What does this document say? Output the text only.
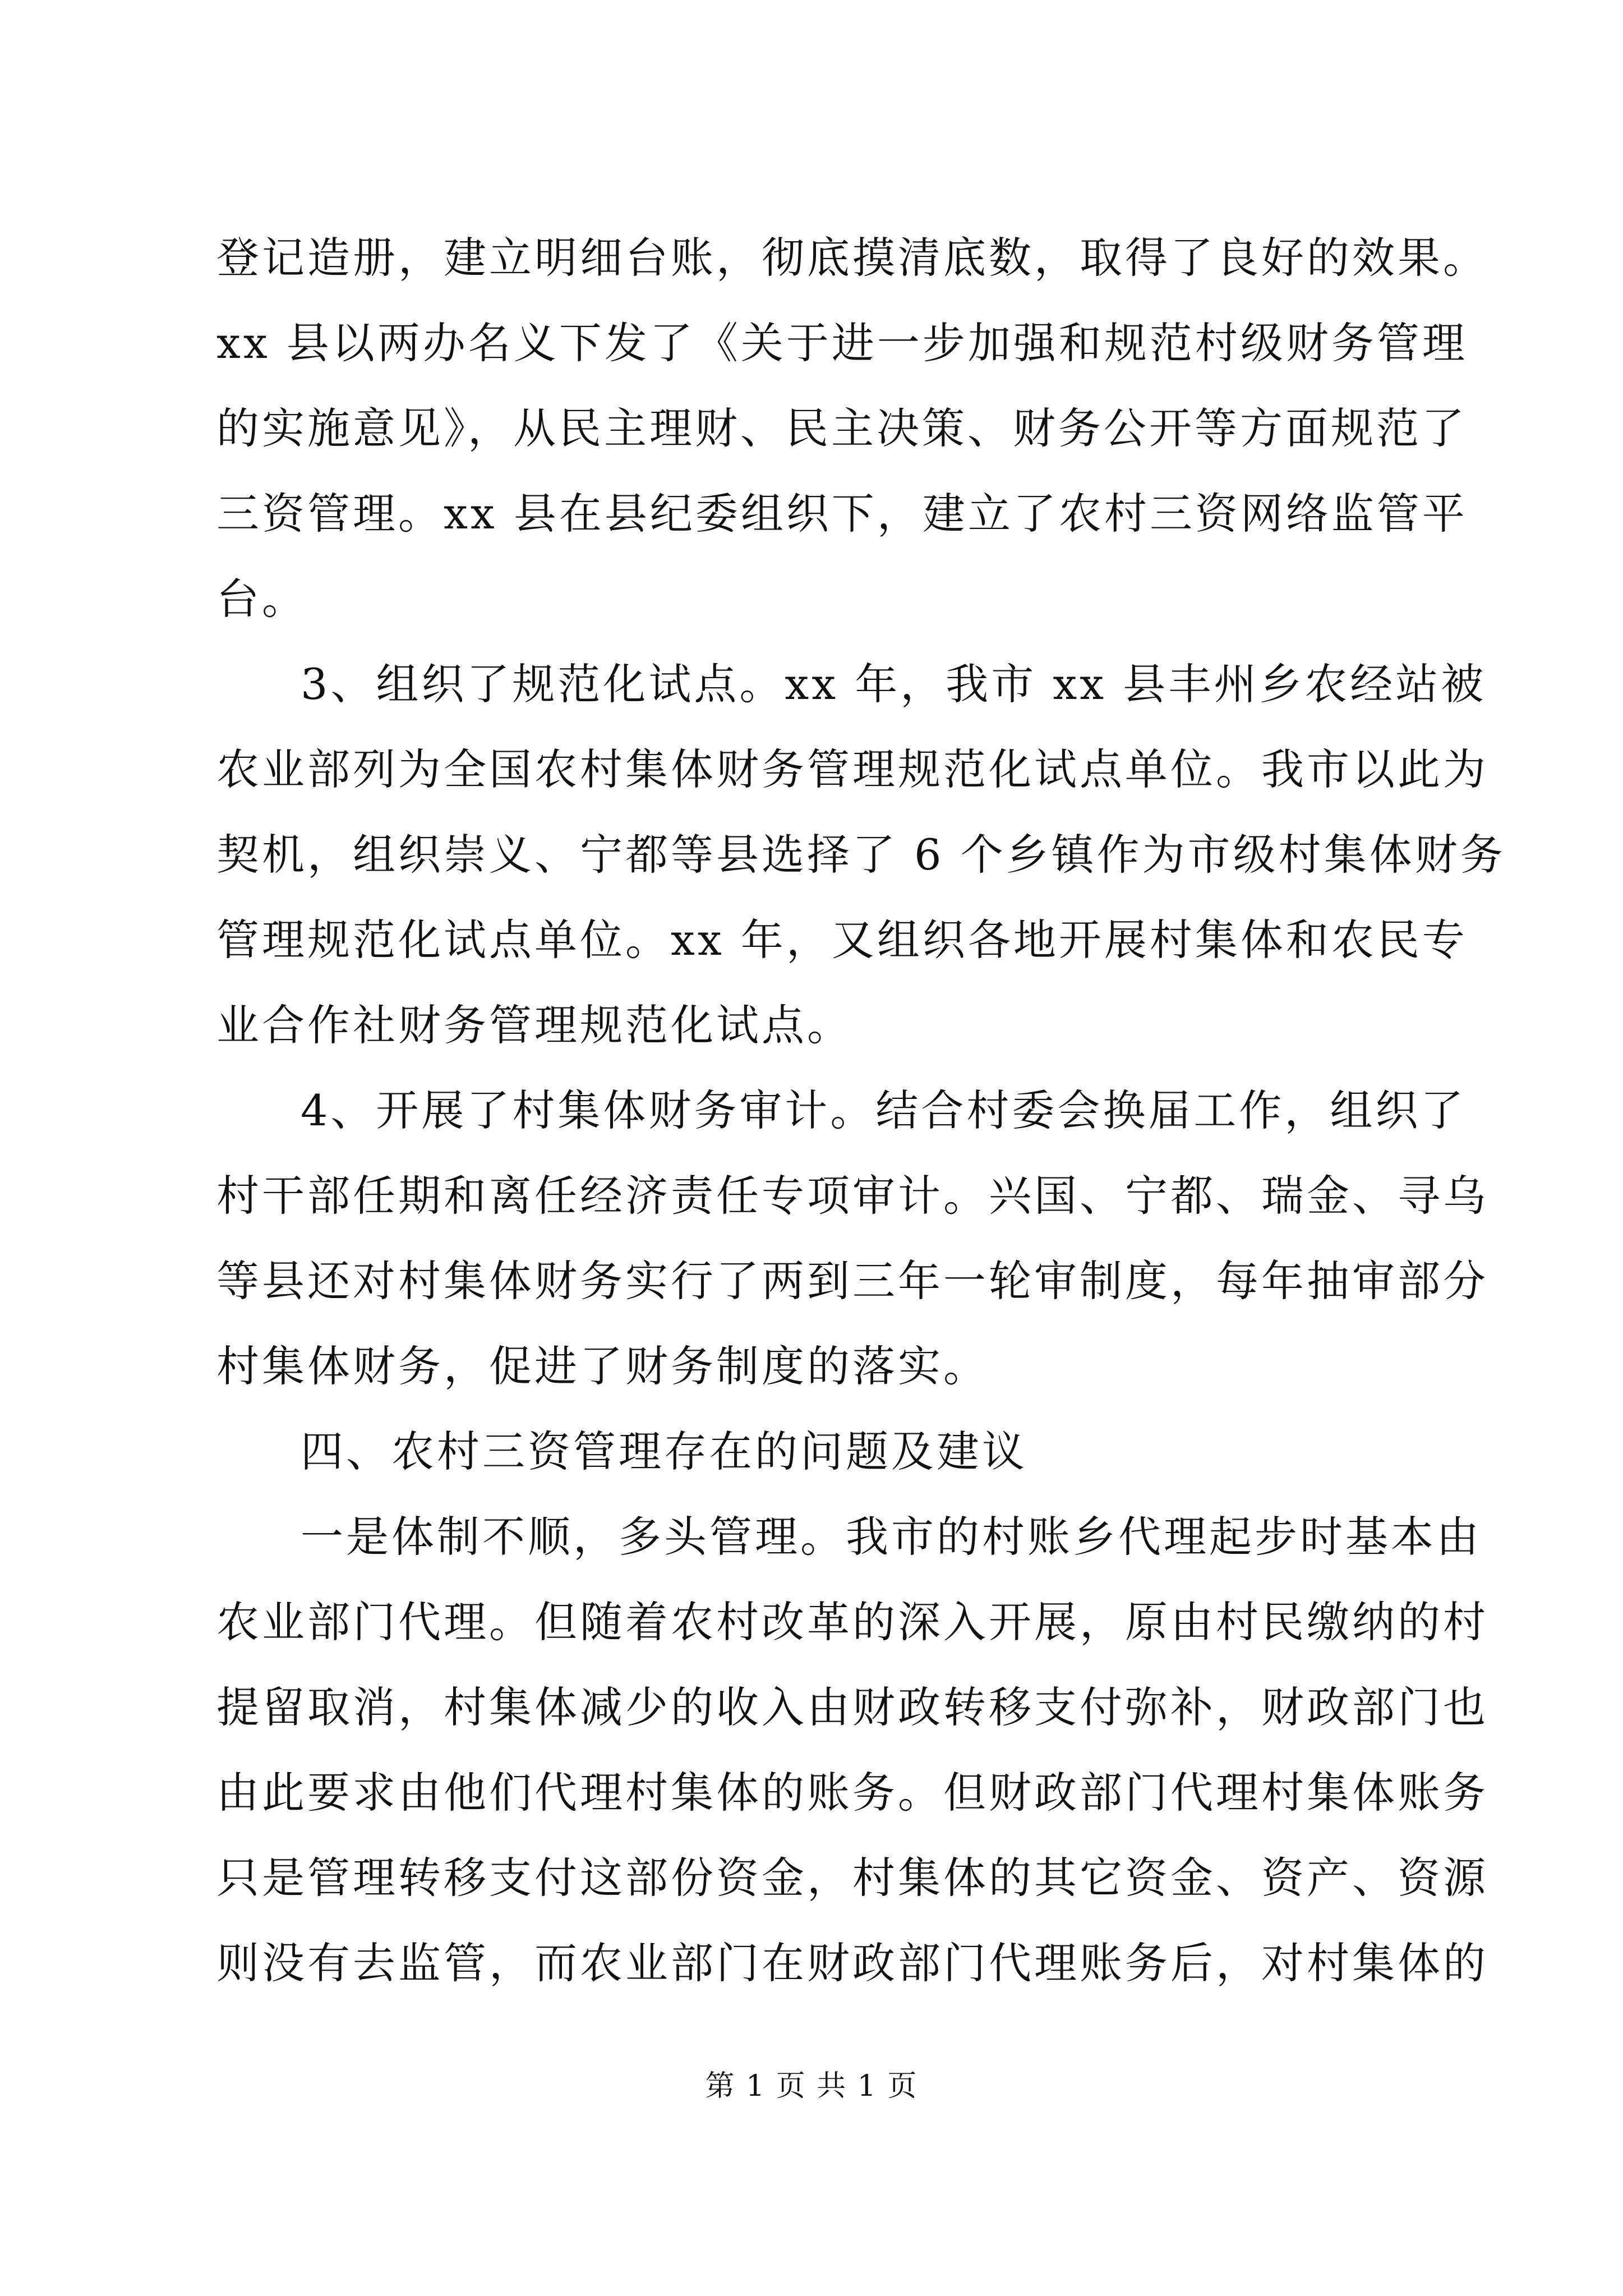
登记造册，建立明细台账，彻底摸清底数，取得了良好的效果。
xx 县以两办名义下发了《关于进一步加强和规范村级财务管理
的实施意见》，从民主理财、民主决策、财务公开等方面规范了
三资管理。xx 县在县纪委组织下，建立了农村三资网络监管平
台。
3、组织了规范化试点。xx 年，我市 xx 县丰州乡农经站被
农业部列为全国农村集体财务管理规范化试点单位。我市以此为
契机，组织崇义、宁都等县选择了 6 个乡镇作为市级村集体财务
管理规范化试点单位。xx 年，又组织各地开展村集体和农民专
业合作社财务管理规范化试点。
4、开展了村集体财务审计。结合村委会换届工作，组织了
村干部任期和离任经济责任专项审计。兴国、宁都、瑞金、寻乌
等县还对村集体财务实行了两到三年一轮审制度，每年抽审部分
村集体财务，促进了财务制度的落实。
四、农村三资管理存在的问题及建议
一是体制不顺，多头管理。我市的村账乡代理起步时基本由
农业部门代理。但随着农村改革的深入开展，原由村民缴纳的村
提留取消，村集体减少的收入由财政转移支付弥补，财政部门也
由此要求由他们代理村集体的账务。但财政部门代理村集体账务
只是管理转移支付这部份资金，村集体的其它资金、资产、资源
则没有去监管，而农业部门在财政部门代理账务后，对村集体的
第 1 页 共 1 页
